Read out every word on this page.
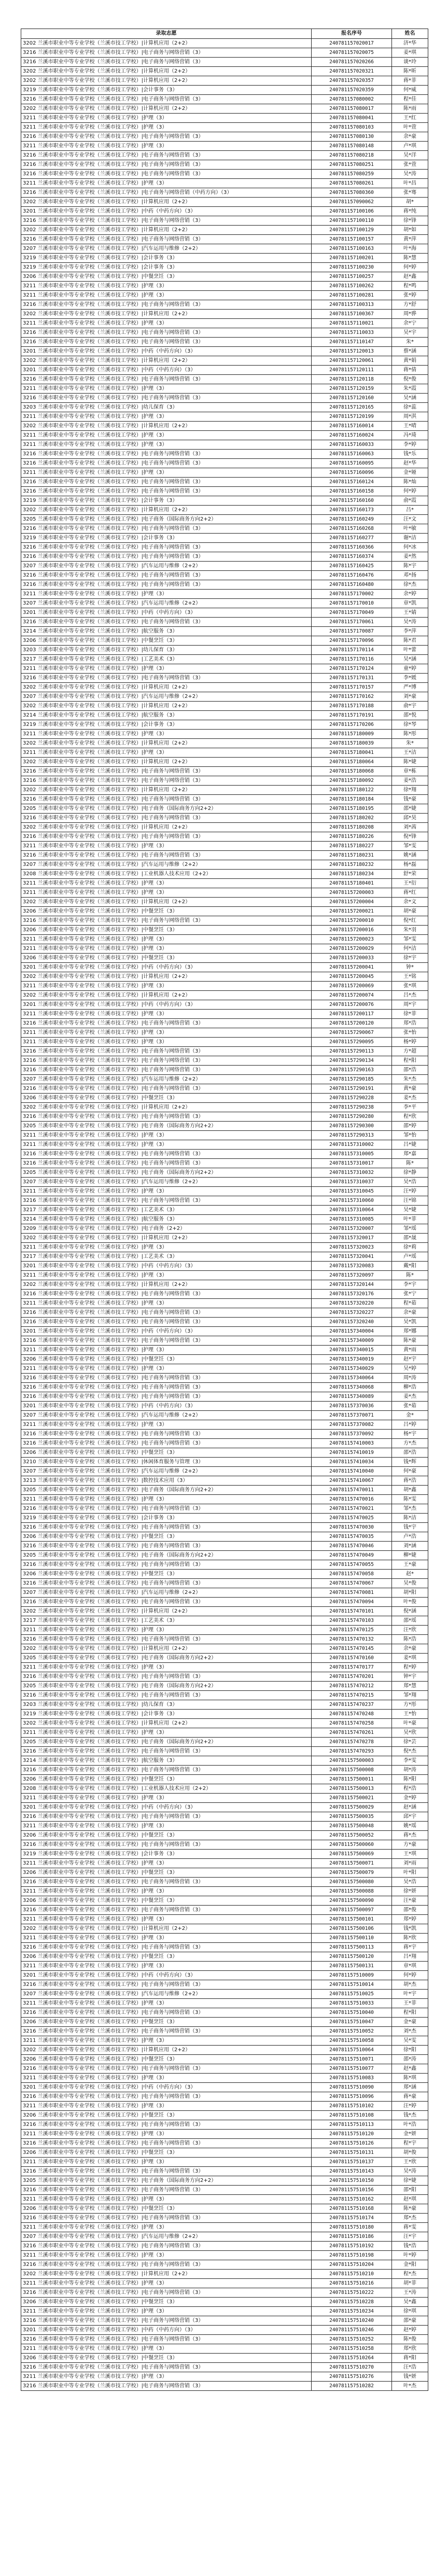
录取志愿	报名序号	姓名
3202 兰溪市职业中等专业学校（兰溪市技工学校）|计算机应用（2+2）	240781157020017	济*华
3216 兰溪市职业中等专业学校（兰溪市技工学校）|电子商务与网络营销（3）	240781157020075	姜*琪
3216 兰溪市职业中等专业学校（兰溪市技工学校）|电子商务与网络营销（3）	240781157020266	谈*玲
3202 兰溪市职业中等专业学校（兰溪市技工学校）|计算机应用（2+2）	240781157020321	陈*昕
3202 兰溪市职业中等专业学校（兰溪市技工学校）|计算机应用（2+2）	240781157020357	蒋*菲
3219 兰溪市职业中等专业学校（兰溪市技工学校）|会计事务（3）	240781157020359	何*威
3216 兰溪市职业中等专业学校（兰溪市技工学校）|电子商务与网络营销（3）	240781157080002	程*佳
3202 兰溪市职业中等专业学校（兰溪市技工学校）|计算机应用（2+2）	240781157080017	陈*雨
3211 兰溪市职业中等专业学校（兰溪市技工学校）|护理（3）	240781157080041	王*红
3211 兰溪市职业中等专业学校（兰溪市技工学校）|护理（3）	240781157080103	叶*萱
3216 兰溪市职业中等专业学校（兰溪市技工学校）|电子商务与网络营销（3）	240781157080130	余*豪
3211 兰溪市职业中等专业学校（兰溪市技工学校）|护理（3）	240781157080148	卢*琪
3216 兰溪市职业中等专业学校（兰溪市技工学校）|电子商务与网络营销（3）	240781157080218	吴*洋
3216 兰溪市职业中等专业学校（兰溪市技工学校）|电子商务与网络营销（3）	240781157080251	张*萱
3216 兰溪市职业中等专业学校（兰溪市技工学校）|电子商务与网络营销（3）	240781157080259	吴*涛
3211 兰溪市职业中等专业学校（兰溪市技工学校）|护理（3）	240781157080261	叶*昌
3216 兰溪市职业中等专业学校（兰溪市技工学校）|电子商务与网络营销（中药方向）（3）	240781157080360	张*骞
3202 兰溪市职业中等专业学校（兰溪市技工学校）|计算机应用（2+2）	240781157090062	胡*
3201 兰溪市职业中等专业学校（兰溪市技工学校）|中药（中药方向）（3）	240781157100106	蒋*纯
3216 兰溪市职业中等专业学校（兰溪市技工学校）|电子商务与网络营销（3）	240781157100110	徐*锋
3202 兰溪市职业中等专业学校（兰溪市技工学校）|计算机应用（2+2）	240781157100129	胡*如
3216 兰溪市职业中等专业学校（兰溪市技工学校）|电子商务与网络营销（3）	240781157100157	黄*萍
3207 兰溪市职业中等专业学校（兰溪市技工学校）|汽车运用与维修（2+2）	240781157100163	叶*海
3219 兰溪市职业中等专业学校（兰溪市技工学校）|会计事务（3）	240781157100201	陈*慧
3219 兰溪市职业中等专业学校（兰溪市技工学校）|会计事务（3）	240781157100230	何*婷
3206 兰溪市职业中等专业学校（兰溪市技工学校）|中餐烹饪（3）	240781157100257	赵*鑫
3211 兰溪市职业中等专业学校（兰溪市技工学校）|护理（3）	240781157100262	程*鸣
3211 兰溪市职业中等专业学校（兰溪市技工学校）|护理（3）	240781157100281	张*婷
3216 兰溪市职业中等专业学校（兰溪市技工学校）|电子商务与网络营销（3）	240781157100313	方*舒
3202 兰溪市职业中等专业学校（兰溪市技工学校）|计算机应用（2+2）	240781157100367	周*骅
3211 兰溪市职业中等专业学校（兰溪市技工学校）|护理（3）	240781157110021	余*宁
3216 兰溪市职业中等专业学校（兰溪市技工学校）|电子商务与网络营销（3）	240781157110033	吴*宇
3216 兰溪市职业中等专业学校（兰溪市技工学校）|电子商务与网络营销（3）	240781157110147	朱*
3201 兰溪市职业中等专业学校（兰溪市技工学校）|中药（中药方向）（3）	240781157120013	蔡*涵
3202 兰溪市职业中等专业学校（兰溪市技工学校）|计算机应用（2+2）	240781157120061	黄*娟
3201 兰溪市职业中等专业学校（兰溪市技工学校）|中药（中药方向）（3）	240781157120111	蒋*倩
3216 兰溪市职业中等专业学校（兰溪市技工学校）|电子商务与网络营销（3）	240781157120118	倪*俊
3211 兰溪市职业中等专业学校（兰溪市技工学校）|护理（3）	240781157120159	朱*霞
3216 兰溪市职业中等专业学校（兰溪市技工学校）|电子商务与网络营销（3）	240781157120160	吴*涵
3203 兰溪市职业中等专业学校（兰溪市技工学校）|幼儿保育（3）	240781157120165	徐*蕊
3211 兰溪市职业中等专业学校（兰溪市技工学校）|护理（3）	240781157120199	周*淇
3202 兰溪市职业中等专业学校（兰溪市技工学校）|计算机应用（2+2）	240781157160014	王*晴
3211 兰溪市职业中等专业学校（兰溪市技工学校）|护理（3）	240781157160024	冯*琦
3211 兰溪市职业中等专业学校（兰溪市技工学校）|护理（3）	240781157160033	李*婷
3216 兰溪市职业中等专业学校（兰溪市技工学校）|电子商务与网络营销（3）	240781157160063	钱*乐
3216 兰溪市职业中等专业学校（兰溪市技工学校）|电子商务与网络营销（3）	240781157160095	赵*华
3211 兰溪市职业中等专业学校（兰溪市技工学校）|护理（3）	240781157160096	金*娅
3216 兰溪市职业中等专业学校（兰溪市技工学校）|电子商务与网络营销（3）	240781157160124	陈*灿
3216 兰溪市职业中等专业学校（兰溪市技工学校）|电子商务与网络营销（3）	240781157160158	何*婷
3219 兰溪市职业中等专业学校（兰溪市技工学校）|会计事务（3）	240781157160160	俞*霞
3202 兰溪市职业中等专业学校（兰溪市技工学校）|计算机应用（2+2）	240781157160173	吕*
3205 兰溪市职业中等专业学校（兰溪市技工学校）|电子商务（国际商务方向2+2）	240781157160249	汪*文
3216 兰溪市职业中等专业学校（兰溪市技工学校）|电子商务与网络营销（3）	240781157160268	叶*敏
3219 兰溪市职业中等专业学校（兰溪市技工学校）|会计事务（3）	240781157160277	谢*洁
3216 兰溪市职业中等专业学校（兰溪市技工学校）|电子商务与网络营销（3）	240781157160366	何*冰
3216 兰溪市职业中等专业学校（兰溪市技工学校）|电子商务与网络营销（3）	240781157160374	姜*然
3207 兰溪市职业中等专业学校（兰溪市技工学校）|汽车运用与维修（2+2）	240781157160425	陈*宇
3216 兰溪市职业中等专业学校（兰溪市技工学校）|电子商务与网络营销（3）	240781157160476	邓*扬
3216 兰溪市职业中等专业学校（兰溪市技工学校）|电子商务与网络营销（3）	240781157160480	徐*杰
3211 兰溪市职业中等专业学校（兰溪市技工学校）|护理（3）	240781157170002	余*婷
3207 兰溪市职业中等专业学校（兰溪市技工学校）|汽车运用与维修（2+2）	240781157170010	章*凯
3201 兰溪市职业中等专业学校（兰溪市技工学校）|中药（中药方向）（3）	240781157170049	王*婧
3216 兰溪市职业中等专业学校（兰溪市技工学校）|电子商务与网络营销（3）	240781157170061	吴*涛
3214 兰溪市职业中等专业学校（兰溪市技工学校）|航空服务（3）	240781157170087	李*萍
3206 兰溪市职业中等专业学校（兰溪市技工学校）|中餐烹饪（3）	240781157170096	陈*君
3203 兰溪市职业中等专业学校（兰溪市技工学校）|幼儿保育（3）	240781157170114	叶*蕾
3217 兰溪市职业中等专业学校（兰溪市技工学校）|工艺美术（3）	240781157170116	吴*涵
3211 兰溪市职业中等专业学校（兰溪市技工学校）|护理（3）	240781157170124	童*婷
3216 兰溪市职业中等专业学校（兰溪市技工学校）|电子商务与网络营销（3）	240781157170131	李*媛
3202 兰溪市职业中等专业学校（兰溪市技工学校）|计算机应用（2+2）	240781157170157	严*博
3207 兰溪市职业中等专业学校（兰溪市技工学校）|汽车运用与维修（2+2）	240781157170162	刘*豪
3202 兰溪市职业中等专业学校（兰溪市技工学校）|计算机应用（2+2）	240781157170188	俞*宇
3214 兰溪市职业中等专业学校（兰溪市技工学校）|航空服务（3）	240781157170191	邵*悦
3219 兰溪市职业中等专业学校（兰溪市技工学校）|会计事务（3）	240781157170206	徐*琴
3211 兰溪市职业中等专业学校（兰溪市技工学校）|护理（3）	240781157180009	陈*彤
3202 兰溪市职业中等专业学校（兰溪市技工学校）|计算机应用（2+2）	240781157180039	朱*
3211 兰溪市职业中等专业学校（兰溪市技工学校）|护理（3）	240781157180041	王*洁
3202 兰溪市职业中等专业学校（兰溪市技工学校）|计算机应用（2+2）	240781157180064	陈*婕
3216 兰溪市职业中等专业学校（兰溪市技工学校）|电子商务与网络营销（3）	240781157180068	章*栋
3216 兰溪市职业中等专业学校（兰溪市技工学校）|电子商务与网络营销（3）	240781157180092	姜*浩
3202 兰溪市职业中等专业学校（兰溪市技工学校）|计算机应用（2+2）	240781157180122	徐*翔
3216 兰溪市职业中等专业学校（兰溪市技工学校）|电子商务与网络营销（3）	240781157180184	钱*豪
3205 兰溪市职业中等专业学校（兰溪市技工学校）|电子商务（国际商务方向2+2）	240781157180195	邵*婕
3216 兰溪市职业中等专业学校（兰溪市技工学校）|电子商务与网络营销（3）	240781157180202	邱*昊
3202 兰溪市职业中等专业学校（兰溪市技工学校）|计算机应用（2+2）	240781157180208	刘*茜
3216 兰溪市职业中等专业学校（兰溪市技工学校）|电子商务与网络营销（3）	240781157180226	倪*锋
3211 兰溪市职业中等专业学校（兰溪市技工学校）|护理（3）	240781157180227	邹*雯
3216 兰溪市职业中等专业学校（兰溪市技工学校）|电子商务与网络营销（3）	240781157180231	姚*涵
3207 兰溪市职业中等专业学校（兰溪市技工学校）|汽车运用与维修（2+2）	240781157180232	杨*磊
3208 兰溪市职业中等专业学校（兰溪市技工学校）|工业机器人技术应用（2+2）	240781157180234	舒*荣
3211 兰溪市职业中等专业学校（兰溪市技工学校）|护理（3）	240781157180401	王*衍
3211 兰溪市职业中等专业学校（兰溪市技工学校）|护理（3）	240781157200003	蒋*红
3202 兰溪市职业中等专业学校（兰溪市技工学校）|计算机应用（2+2）	240781157200004	余*文
3206 兰溪市职业中等专业学校（兰溪市技工学校）|中餐烹饪（3）	240781157200021	胡*豪
3216 兰溪市职业中等专业学校（兰溪市技工学校）|电子商务与网络营销（3）	240781157200010	倪*红
3206 兰溪市职业中等专业学校（兰溪市技工学校）|中餐烹饪（3）	240781157200016	朱*羽
3211 兰溪市职业中等专业学校（兰溪市技工学校）|护理（3）	240781157200023	邹*雯
3211 兰溪市职业中等专业学校（兰溪市技工学校）|护理（3）	240781157200029	何*洁
3206 兰溪市职业中等专业学校（兰溪市技工学校）|中餐烹饪（3）	240781157200033	徐*宇
3201 兰溪市职业中等专业学校（兰溪市技工学校）|中药（中药方向）（3）	240781157200041	钟*
3202 兰溪市职业中等专业学校（兰溪市技工学校）|计算机应用（2+2）	240781157200045	王*铭
3211 兰溪市职业中等专业学校（兰溪市技工学校）|护理（3）	240781157200069	张*琪
3202 兰溪市职业中等专业学校（兰溪市技工学校）|计算机应用（2+2）	240781157200074	吕*杰
3201 兰溪市职业中等专业学校（兰溪市技工学校）|中药（中药方向）（3）	240781157200076	周*宇
3211 兰溪市职业中等专业学校（兰溪市技工学校）|护理（3）	240781157200117	徐*菲
3216 兰溪市职业中等专业学校（兰溪市技工学校）|电子商务与网络营销（3）	240781157200120	郑*浩
3211 兰溪市职业中等专业学校（兰溪市技工学校）|护理（3）	240781157290067	张*怡
3211 兰溪市职业中等专业学校（兰溪市技工学校）|护理（3）	240781157290095	杨*婷
3216 兰溪市职业中等专业学校（兰溪市技工学校）|电子商务与网络营销（3）	240781157290113	方*超
3216 兰溪市职业中等专业学校（兰溪市技工学校）|电子商务与网络营销（3）	240781157290134	程*阳
3216 兰溪市职业中等专业学校（兰溪市技工学校）|电子商务与网络营销（3）	240781157290163	邵*浩
3207 兰溪市职业中等专业学校（兰溪市技工学校）|汽车运用与维修（2+2）	240781157290185	朱*杰
3216 兰溪市职业中等专业学校（兰溪市技工学校）|电子商务与网络营销（3）	240781157290191	黄*豪
3206 兰溪市职业中等专业学校（兰溪市技工学校）|中餐烹饪（3）	240781157290228	姜*杰
3202 兰溪市职业中等专业学校（兰溪市技工学校）|计算机应用（2+2）	240781157290238	李*平
3216 兰溪市职业中等专业学校（兰溪市技工学校）|电子商务与网络营销（3）	240781157290280	程*欣
3205 兰溪市职业中等专业学校（兰溪市技工学校）|电子商务（国际商务方向2+2）	240781157290300	邵*婷
3211 兰溪市职业中等专业学校（兰溪市技工学校）|护理（3）	240781157290313	邹*怡
3211 兰溪市职业中等专业学校（兰溪市技工学校）|护理（3）	240781157310002	吕*婕
3216 兰溪市职业中等专业学校（兰溪市技工学校）|电子商务与网络营销（3）	240781157310005	郑*嘉
3216 兰溪市职业中等专业学校（兰溪市技工学校）|电子商务与网络营销（3）	240781157310017	陈*
3205 兰溪市职业中等专业学校（兰溪市技工学校）|电子商务（国际商务方向2+2）	240781157310032	徐*静
3207 兰溪市职业中等专业学校（兰溪市技工学校）|汽车运用与维修（2+2）	240781157310037	吴*浩
3211 兰溪市职业中等专业学校（兰溪市技工学校）|护理（3）	240781157310045	汪*婷
3216 兰溪市职业中等专业学校（兰溪市技工学校）|电子商务与网络营销（3）	240781157310060	汪*锦
3217 兰溪市职业中等专业学校（兰溪市技工学校）|工艺美术（3）	240781157310064	吴*婕
3214 兰溪市职业中等专业学校（兰溪市技工学校）|航空服务（3）	240781157310085	叶*菲
3209 兰溪市职业中等专业学校（兰溪市技工学校）|电子商务（2+2）	240781157320007	邹*瑶
3202 兰溪市职业中等专业学校（兰溪市技工学校）|计算机应用（2+2）	240781157320017	邵*晟
3211 兰溪市职业中等专业学校（兰溪市技工学校）|护理（3）	240781157320023	徐*莉
3217 兰溪市职业中等专业学校（兰溪市技工学校）|工艺美术（3）	240781157320041	卢*瑶
3201 兰溪市职业中等专业学校（兰溪市技工学校）|中药（中药方向）（3）	240781157320083	戴*阳
3211 兰溪市职业中等专业学校（兰溪市技工学校）|护理（3）	240781157320097	陈*
3202 兰溪市职业中等专业学校（兰溪市技工学校）|计算机应用（2+2）	240781157320144	李*宇
3216 兰溪市职业中等专业学校（兰溪市技工学校）|电子商务与网络营销（3）	240781157320176	张*宁
3211 兰溪市职业中等专业学校（兰溪市技工学校）|护理（3）	240781157320220	程*茹
3216 兰溪市职业中等专业学校（兰溪市技工学校）|电子商务与网络营销（3）	240781157320227	余*豪
3216 兰溪市职业中等专业学校（兰溪市技工学校）|电子商务与网络营销（3）	240781157320240	吴*凯
3201 兰溪市职业中等专业学校（兰溪市技工学校）|中药（中药方向）（3）	240781157340004	郑*娜
3216 兰溪市职业中等专业学校（兰溪市技工学校）|电子商务与网络营销（3）	240781157340009	陈*豪
3211 兰溪市职业中等专业学校（兰溪市技工学校）|护理（3）	240781157340015	黄*雨
3206 兰溪市职业中等专业学校（兰溪市技工学校）|中餐烹饪（3）	240781157340019	赵*宇
3211 兰溪市职业中等专业学校（兰溪市技工学校）|护理（3）	240781157340029	吴*婷
3216 兰溪市职业中等专业学校（兰溪市技工学校）|电子商务与网络营销（3）	240781157340064	周*涛
3216 兰溪市职业中等专业学校（兰溪市技工学校）|电子商务与网络营销（3）	240781157340068	柳*浩
3216 兰溪市职业中等专业学校（兰溪市技工学校）|电子商务与网络营销（3）	240781157340089	姜*杰
3201 兰溪市职业中等专业学校（兰溪市技工学校）|中药（中药方向）（3）	240781157370036	张*茹
3207 兰溪市职业中等专业学校（兰溪市技工学校）|汽车运用与维修（2+2）	240781157370071	金*
3211 兰溪市职业中等专业学校（兰溪市技工学校）|护理（3）	240781157370082	吕*婷
3216 兰溪市职业中等专业学校（兰溪市技工学校）|电子商务与网络营销（3）	240781157370092	杨*宇
3216 兰溪市职业中等专业学校（兰溪市技工学校）|电子商务与网络营销（3）	240781157410003	方*杰
3206 兰溪市职业中等专业学校（兰溪市技工学校）|中餐烹饪（3）	240781157410019	邵*浩
3210 兰溪市职业中等专业学校（兰溪市技工学校）|休闲体育服务与管理（3）	240781157410034	钱*辉
3207 兰溪市职业中等专业学校（兰溪市技工学校）|汽车运用与维修（2+2）	240781157410040	何*豪
3213 兰溪市职业中等专业学校（兰溪市技工学校）|数控技术应用（3）	240781157410067	蒋*浩
3205 兰溪市职业中等专业学校（兰溪市技工学校）|电子商务（国际商务方向2+2）	240781157470011	胡*鑫
3211 兰溪市职业中等专业学校（兰溪市技工学校）|护理（3）	240781157470016	陈*雯
3216 兰溪市职业中等专业学校（兰溪市技工学校）|电子商务与网络营销（3）	240781157470021	邹*杰
3219 兰溪市职业中等专业学校（兰溪市技工学校）|会计事务（3）	240781157470025	陈*洁
3216 兰溪市职业中等专业学校（兰溪市技工学校）|电子商务与网络营销（3）	240781157470030	钱*宇
3206 兰溪市职业中等专业学校（兰溪市技工学校）|中餐烹饪（3）	240781157470035	卢*浩
3216 兰溪市职业中等专业学校（兰溪市技工学校）|电子商务与网络营销（3）	240781157470046	刘*涵
3205 兰溪市职业中等专业学校（兰溪市技工学校）|电子商务（国际商务方向2+2）	240781157470049	柳*婕
3216 兰溪市职业中等专业学校（兰溪市技工学校）|电子商务与网络营销（3）	240781157470055	王*豪
3206 兰溪市职业中等专业学校（兰溪市技工学校）|中餐烹饪（3）	240781157470058	赵*
3216 兰溪市职业中等专业学校（兰溪市技工学校）|电子商务与网络营销（3）	240781157470067	吴*俊
3207 兰溪市职业中等专业学校（兰溪市技工学校）|汽车运用与维修（2+2）	240781157470081	胡*阳
3216 兰溪市职业中等专业学校（兰溪市技工学校）|电子商务与网络营销（3）	240781157470094	叶*俊
3202 兰溪市职业中等专业学校（兰溪市技工学校）|计算机应用（2+2）	240781157470101	倪*涵
3217 兰溪市职业中等专业学校（兰溪市技工学校）|工艺美术（3）	240781157470103	邵*瑶
3211 兰溪市职业中等专业学校（兰溪市技工学校）|护理（3）	240781157470125	汪*欣
3216 兰溪市职业中等专业学校（兰溪市技工学校）|电子商务与网络营销（3）	240781157470132	陈*浩
3202 兰溪市职业中等专业学校（兰溪市技工学校）|计算机应用（2+2）	240781157470145	余*豪
3205 兰溪市职业中等专业学校（兰溪市技工学校）|电子商务（国际商务方向2+2）	240781157470160	姜*琪
3211 兰溪市职业中等专业学校（兰溪市技工学校）|护理（3）	240781157470177	程*婷
3216 兰溪市职业中等专业学校（兰溪市技工学校）|电子商务与网络营销（3）	240781157470201	钟*宇
3205 兰溪市职业中等专业学校（兰溪市技工学校）|电子商务（国际商务方向2+2）	240781157470212	郑*慧
3216 兰溪市职业中等专业学校（兰溪市技工学校）|电子商务与网络营销（3）	240781157470215	邹*翔
3203 兰溪市职业中等专业学校（兰溪市技工学校）|幼儿保育（3）	240781157470237	方*彤
3219 兰溪市职业中等专业学校（兰溪市技工学校）|会计事务（3）	240781157470248	王*怡
3202 兰溪市职业中等专业学校（兰溪市技工学校）|计算机应用（2+2）	240781157470258	叶*豪
3211 兰溪市职业中等专业学校（兰溪市技工学校）|护理（3）	240781157470261	吴*欣
3205 兰溪市职业中等专业学校（兰溪市技工学校）|电子商务（国际商务方向2+2）	240781157470278	徐*芸
3216 兰溪市职业中等专业学校（兰溪市技工学校）|电子商务与网络营销（3）	240781157470293	倪*杰
3214 兰溪市职业中等专业学校（兰溪市技工学校）|航空服务（3）	240781157500003	李*雯
3216 兰溪市职业中等专业学校（兰溪市技工学校）|电子商务与网络营销（3）	240781157500008	胡*涛
3206 兰溪市职业中等专业学校（兰溪市技工学校）|中餐烹饪（3）	240781157500011	陈*阳
3208 兰溪市职业中等专业学校（兰溪市技工学校）|工业机器人技术应用（2+2）	240781157500013	程*浩
3211 兰溪市职业中等专业学校（兰溪市技工学校）|护理（3）	240781157500021	金*婷
3201 兰溪市职业中等专业学校（兰溪市技工学校）|中药（中药方向）（3）	240781157500029	赵*涵
3216 兰溪市职业中等专业学校（兰溪市技工学校）|电子商务与网络营销（3）	240781157500035	邱*宇
3211 兰溪市职业中等专业学校（兰溪市技工学校）|护理（3）	240781157500048	姚*瑶
3206 兰溪市职业中等专业学校（兰溪市技工学校）|中餐烹饪（3）	240781157500052	蒋*杰
3216 兰溪市职业中等专业学校（兰溪市技工学校）|电子商务与网络营销（3）	240781157500060	方*豪
3219 兰溪市职业中等专业学校（兰溪市技工学校）|会计事务（3）	240781157500069	王*琪
3211 兰溪市职业中等专业学校（兰溪市技工学校）|护理（3）	240781157500071	刘*雨
3206 兰溪市职业中等专业学校（兰溪市技工学校）|中餐烹饪（3）	240781157500079	叶*阳
3216 兰溪市职业中等专业学校（兰溪市技工学校）|电子商务与网络营销（3）	240781157500080	吴*浩
3211 兰溪市职业中等专业学校（兰溪市技工学校）|护理（3）	240781157500088	徐*妍
3206 兰溪市职业中等专业学校（兰溪市技工学校）|中餐烹饪（3）	240781157500090	汪*豪
3216 兰溪市职业中等专业学校（兰溪市技工学校）|电子商务与网络营销（3）	240781157500097	邵*俊
3211 兰溪市职业中等专业学校（兰溪市技工学校）|护理（3）	240781157500101	郑*婷
3202 兰溪市职业中等专业学校（兰溪市技工学校）|计算机应用（2+2）	240781157500106	钱*凯
3211 兰溪市职业中等专业学校（兰溪市技工学校）|护理（3）	240781157500110	陈*欣
3216 兰溪市职业中等专业学校（兰溪市技工学校）|电子商务与网络营销（3）	240781157500113	蒋*宇
3206 兰溪市职业中等专业学校（兰溪市技工学校）|中餐烹饪（3）	240781157500120	吕*翔
3211 兰溪市职业中等专业学校（兰溪市技工学校）|护理（3）	240781157500131	章*琪
3201 兰溪市职业中等专业学校（兰溪市技工学校）|中药（中药方向）（3）	240781157510009	何*婷
3216 兰溪市职业中等专业学校（兰溪市技工学校）|电子商务与网络营销（3）	240781157510014	胡*杰
3207 兰溪市职业中等专业学校（兰溪市技工学校）|汽车运用与维修（2+2）	240781157510025	叶*宇
3211 兰溪市职业中等专业学校（兰溪市技工学校）|护理（3）	240781157510033	王*菲
3216 兰溪市职业中等专业学校（兰溪市技工学校）|电子商务与网络营销（3）	240781157510040	程*阳
3206 兰溪市职业中等专业学校（兰溪市技工学校）|中餐烹饪（3）	240781157510047	金*豪
3216 兰溪市职业中等专业学校（兰溪市技工学校）|电子商务与网络营销（3）	240781157510052	刘*杰
3211 兰溪市职业中等专业学校（兰溪市技工学校）|护理（3）	240781157510058	吴*雯
3202 兰溪市职业中等专业学校（兰溪市技工学校）|计算机应用（2+2）	240781157510064	徐*阳
3206 兰溪市职业中等专业学校（兰溪市技工学校）|中餐烹饪（3）	240781157510071	邵*涛
3216 兰溪市职业中等专业学校（兰溪市技工学校）|电子商务与网络营销（3）	240781157510077	赵*鑫
3211 兰溪市职业中等专业学校（兰溪市技工学校）|护理（3）	240781157510083	陈*琪
3201 兰溪市职业中等专业学校（兰溪市技工学校）|中药（中药方向）（3）	240781157510090	郑*涵
3216 兰溪市职业中等专业学校（兰溪市技工学校）|电子商务与网络营销（3）	240781157510096	蒋*豪
3211 兰溪市职业中等专业学校（兰溪市技工学校）|护理（3）	240781157510102	汪*婷
3206 兰溪市职业中等专业学校（兰溪市技工学校）|中餐烹饪（3）	240781157510108	钱*杰
3216 兰溪市职业中等专业学校（兰溪市技工学校）|电子商务与网络营销（3）	240781157510113	叶*浩
3211 兰溪市职业中等专业学校（兰溪市技工学校）|护理（3）	240781157510120	金*妍
3216 兰溪市职业中等专业学校（兰溪市技工学校）|电子商务与网络营销（3）	240781157510126	程*宇
3206 兰溪市职业中等专业学校（兰溪市技工学校）|中餐烹饪（3）	240781157510131	胡*俊
3211 兰溪市职业中等专业学校（兰溪市技工学校）|护理（3）	240781157510137	王*欣
3216 兰溪市职业中等专业学校（兰溪市技工学校）|电子商务与网络营销（3）	240781157510143	吴*涛
3205 兰溪市职业中等专业学校（兰溪市技工学校）|电子商务（国际商务方向2+2）	240781157510150	徐*婕
3216 兰溪市职业中等专业学校（兰溪市技工学校）|电子商务与网络营销（3）	240781157510156	邵*阳
3211 兰溪市职业中等专业学校（兰溪市技工学校）|护理（3）	240781157510162	赵*琪
3206 兰溪市职业中等专业学校（兰溪市技工学校）|中餐烹饪（3）	240781157510168	陈*豪
3216 兰溪市职业中等专业学校（兰溪市技工学校）|电子商务与网络营销（3）	240781157510174	郑*杰
3211 兰溪市职业中等专业学校（兰溪市技工学校）|护理（3）	240781157510180	蒋*雯
3207 兰溪市职业中等专业学校（兰溪市技工学校）|汽车运用与维修（2+2）	240781157510186	汪*宇
3216 兰溪市职业中等专业学校（兰溪市技工学校）|电子商务与网络营销（3）	240781157510192	钱*浩
3211 兰溪市职业中等专业学校（兰溪市技工学校）|护理（3）	240781157510198	叶*婷
3216 兰溪市职业中等专业学校（兰溪市技工学校）|电子商务与网络营销（3）	240781157510204	金*阳
3202 兰溪市职业中等专业学校（兰溪市技工学校）|计算机应用（2+2）	240781157510210	程*杰
3211 兰溪市职业中等专业学校（兰溪市技工学校）|护理（3）	240781157510216	胡*菲
3216 兰溪市职业中等专业学校（兰溪市技工学校）|电子商务与网络营销（3）	240781157510222	王*涛
3206 兰溪市职业中等专业学校（兰溪市技工学校）|中餐烹饪（3）	240781157510228	吴*鑫
3211 兰溪市职业中等专业学校（兰溪市技工学校）|护理（3）	240781157510234	徐*琪
3216 兰溪市职业中等专业学校（兰溪市技工学校）|电子商务与网络营销（3）	240781157510240	邵*豪
3201 兰溪市职业中等专业学校（兰溪市技工学校）|中药（中药方向）（3）	240781157510246	赵*婷
3216 兰溪市职业中等专业学校（兰溪市技工学校）|电子商务与网络营销（3）	240781157510252	陈*俊
3211 兰溪市职业中等专业学校（兰溪市技工学校）|护理（3）	240781157510258	郑*欣
3206 兰溪市职业中等专业学校（兰溪市技工学校）|中餐烹饪（3）	240781157510264	蒋*阳
3216 兰溪市职业中等专业学校（兰溪市技工学校）|电子商务与网络营销（3）	240781157510270	汪*浩
3211 兰溪市职业中等专业学校（兰溪市技工学校）|护理（3）	240781157510276	钱*妍
3216 兰溪市职业中等专业学校（兰溪市技工学校）|电子商务与网络营销（3）	240781157510282	叶*杰
